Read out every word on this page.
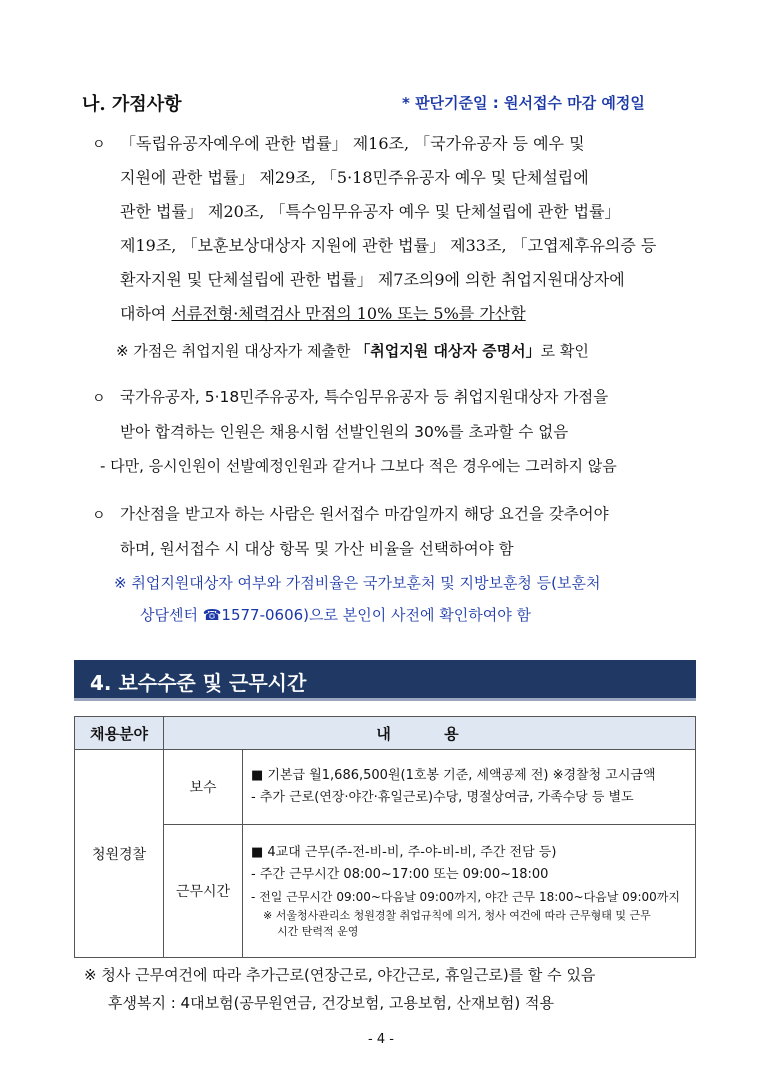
나. 가점사항	* 판단기준일 : 원서접수 마감 예정일
ㅇ 「독립유공자예우에 관한 법률」 제16조, 「국가유공자 등 예우 및
지원에 관한 법률」 제29조, 「5·18민주유공자 예우 및 단체설립에
관한 법률」 제20조, 「특수임무유공자 예우 및 단체설립에 관한 법률」
제19조, 「보훈보상대상자 지원에 관한 법률」 제33조, 「고엽제후유의증 등
환자지원 및 단체설립에 관한 법률」 제7조의9에 의한 취업지원대상자에
대하여 서류전형·체력검사 만점의 10% 또는 5%를 가산함
※ 가점은 취업지원 대상자가 제출한 「취업지원 대상자 증명서」로 확인
ㅇ 국가유공자, 5·18민주유공자, 특수임무유공자 등 취업지원대상자 가점을
받아 합격하는 인원은 채용시험 선발인원의 30%를 초과할 수 없음
- 다만, 응시인원이 선발예정인원과 같거나 그보다 적은 경우에는 그러하지 않음
ㅇ 가산점을 받고자 하는 사람은 원서접수 마감일까지 해당 요건을 갖추어야
하며, 원서접수 시 대상 항목 및 가산 비율을 선택하여야 함
※ 취업지원대상자 여부와 가점비율은 국가보훈처 및 지방보훈청 등(보훈처
상담센터 ☎1577-0606)으로 본인이 사전에 확인하여야 함
4. 보수수준 및 근무시간
채용분야	내 용	
청원경찰	보수	■ 기본급 월1,686,500원(1호봉 기준, 세액공제 전) ※경찰청 고시금액
- 추가 근로(연장·야간·휴일근로)수당, 명절상여금, 가족수당 등 별도

	근무시간	■ 4교대 근무(주-전-비-비, 주-야-비-비, 주간 전담 등)
- 주간 근무시간 08:00~17:00 또는 09:00~18:00
- 전일 근무시간 09:00~다음날 09:00까지, 야간 근무 18:00~다음날 09:00까지
※ 서울청사관리소 청원경찰 취업규칙에 의거, 청사 여건에 따라 근무형태 및 근무
시간 탄력적 운영
※ 청사 근무여건에 따라 추가근로(연장근로, 야간근로, 휴일근로)를 할 수 있음
후생복지 : 4대보험(공무원연금, 건강보험, 고용보험, 산재보험) 적용
- 4 -
